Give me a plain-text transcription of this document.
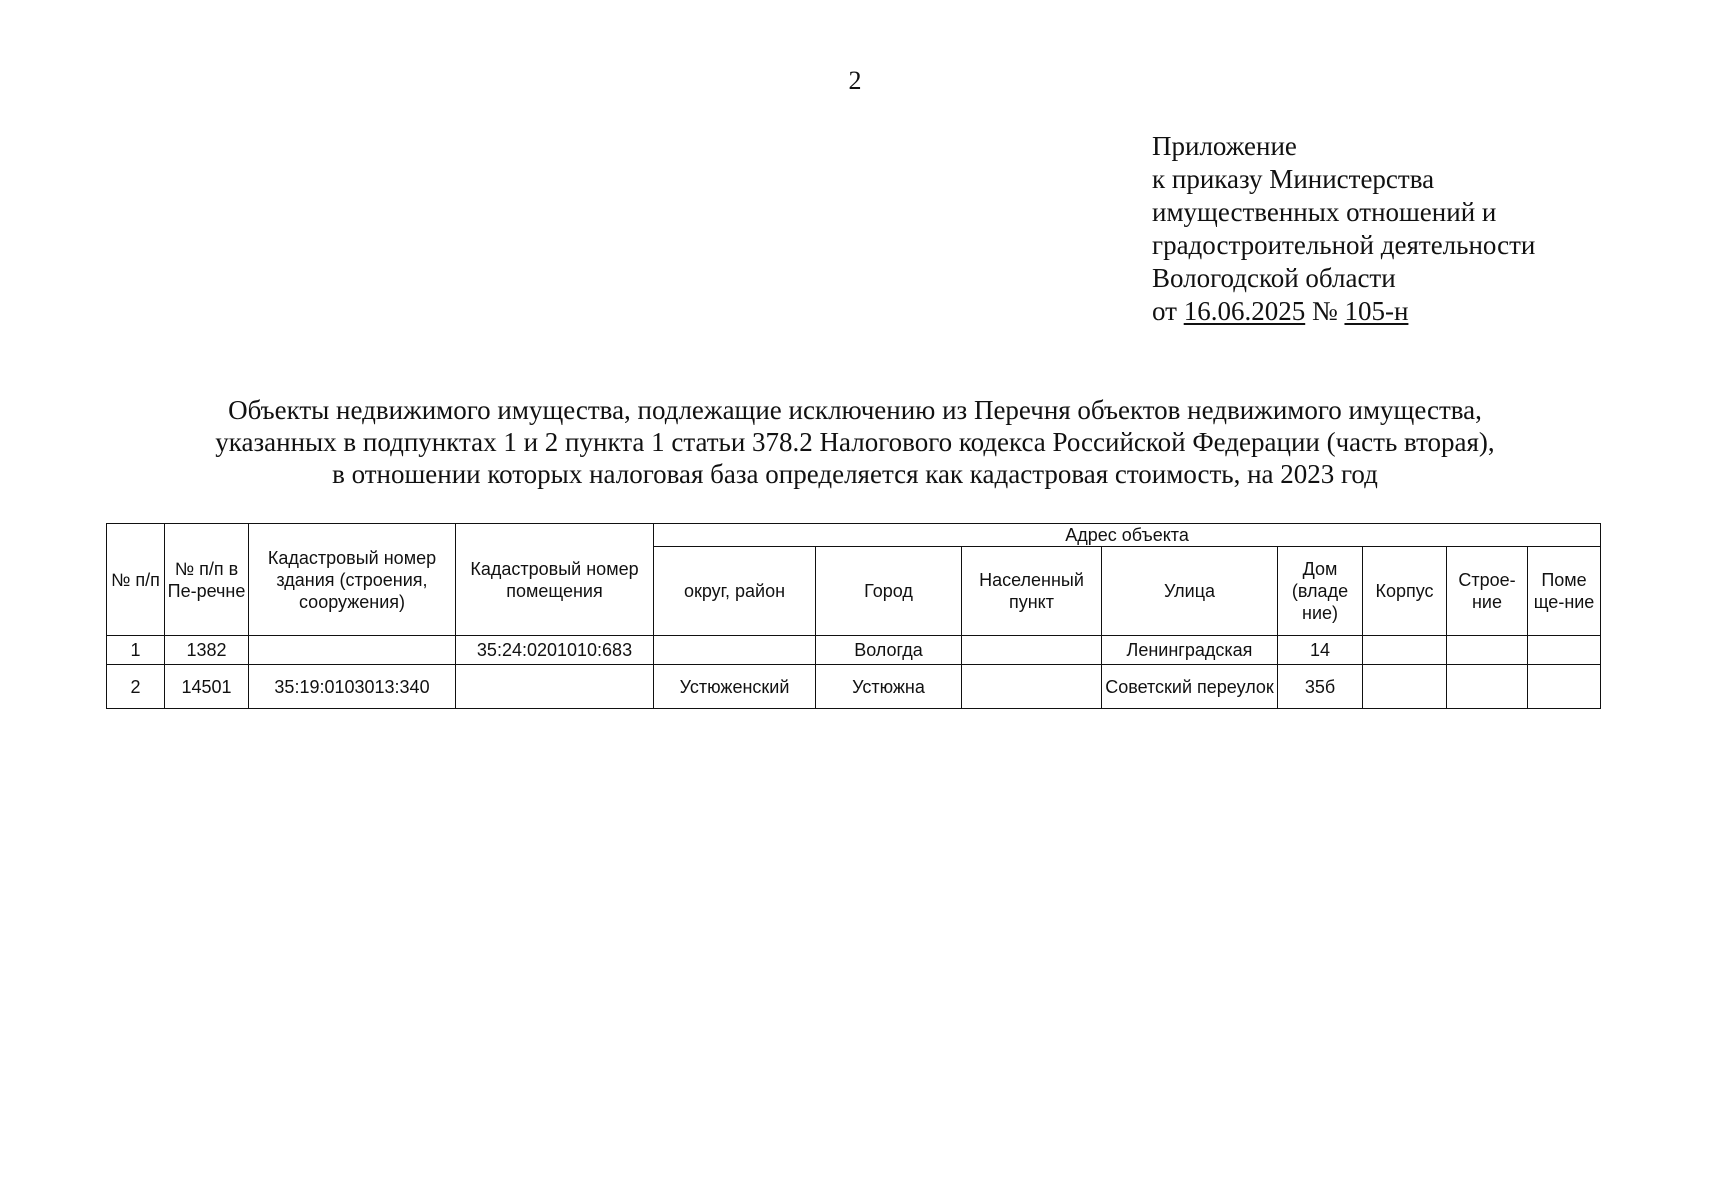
2
Приложение
к приказу Министерства
имущественных отношений и
градостроительной деятельности
Вологодской области
от 16.06.2025 № 105-н
Объекты недвижимого имущества, подлежащие исключению из Перечня объектов недвижимого имущества,
указанных в подпунктах 1 и 2 пункта 1 статьи 378.2 Налогового кодекса Российской Федерации (часть вторая),
в отношении которых налоговая база определяется как кадастровая стоимость, на 2023 год
№ п/п	№ п/п в Пе-речне	Кадастровый номер здания (строения, сооружения)	Кадастровый номер помещения	Адрес объекта							
				округ, район	Город	Населенный пункт	Улица	Дом (владе ние)	Корпус	Строе-ние	Поме ще-ние
1	1382		35:24:0201010:683		Вологда		Ленинградская	14			
2	14501	35:19:0103013:340		Устюженский	Устюжна		Советский переулок	35б			
